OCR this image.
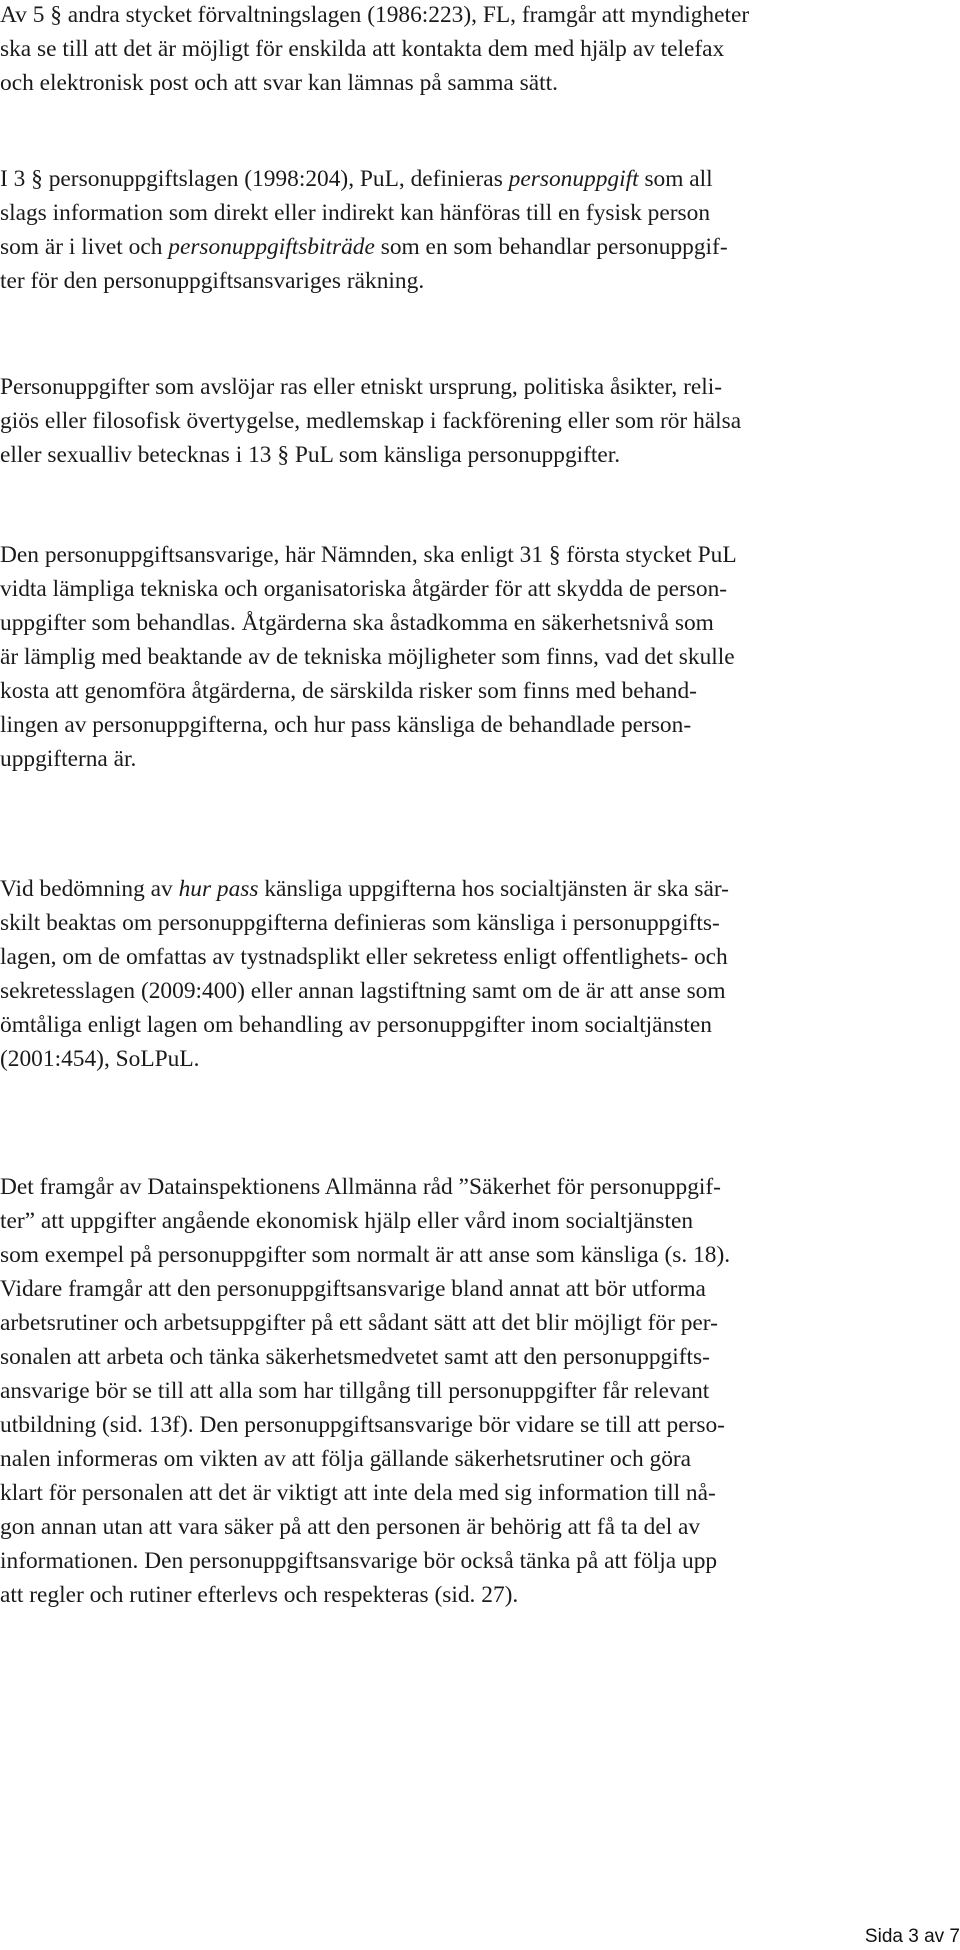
Av 5 § andra stycket förvaltningslagen (1986:223), FL, framgår att myndigheter
ska se till att det är möjligt för enskilda att kontakta dem med hjälp av telefax
och elektronisk post och att svar kan lämnas på samma sätt.
I 3 § personuppgiftslagen (1998:204), PuL, definieras personuppgift som all
slags information som direkt eller indirekt kan hänföras till en fysisk person
som är i livet och personuppgiftsbiträde som en som behandlar personuppgif-
ter för den personuppgiftsansvariges räkning.
Personuppgifter som avslöjar ras eller etniskt ursprung, politiska åsikter, reli-
giös eller filosofisk övertygelse, medlemskap i fackförening eller som rör hälsa
eller sexualliv betecknas i 13 § PuL som känsliga personuppgifter.
Den personuppgiftsansvarige, här Nämnden, ska enligt 31 § första stycket PuL
vidta lämpliga tekniska och organisatoriska åtgärder för att skydda de person-
uppgifter som behandlas. Åtgärderna ska åstadkomma en säkerhetsnivå som
är lämplig med beaktande av de tekniska möjligheter som finns, vad det skulle
kosta att genomföra åtgärderna, de särskilda risker som finns med behand-
lingen av personuppgifterna, och hur pass känsliga de behandlade person-
uppgifterna är.
Vid bedömning av hur pass känsliga uppgifterna hos socialtjänsten är ska sär-
skilt beaktas om personuppgifterna definieras som känsliga i personuppgifts-
lagen, om de omfattas av tystnadsplikt eller sekretess enligt offentlighets- och
sekretesslagen (2009:400) eller annan lagstiftning samt om de är att anse som
ömtåliga enligt lagen om behandling av personuppgifter inom socialtjänsten
(2001:454), SoLPuL.
Det framgår av Datainspektionens Allmänna råd ”Säkerhet för personuppgif-
ter” att uppgifter angående ekonomisk hjälp eller vård inom socialtjänsten
som exempel på personuppgifter som normalt är att anse som känsliga (s. 18).
Vidare framgår att den personuppgiftsansvarige bland annat att bör utforma
arbetsrutiner och arbetsuppgifter på ett sådant sätt att det blir möjligt för per-
sonalen att arbeta och tänka säkerhetsmedvetet samt att den personuppgifts-
ansvarige bör se till att alla som har tillgång till personuppgifter får relevant
utbildning (sid. 13f). Den personuppgiftsansvarige bör vidare se till att perso-
nalen informeras om vikten av att följa gällande säkerhetsrutiner och göra
klart för personalen att det är viktigt att inte dela med sig information till nå-
gon annan utan att vara säker på att den personen är behörig att få ta del av
informationen. Den personuppgiftsansvarige bör också tänka på att följa upp
att regler och rutiner efterlevs och respekteras (sid. 27).
Sida 3 av 7
